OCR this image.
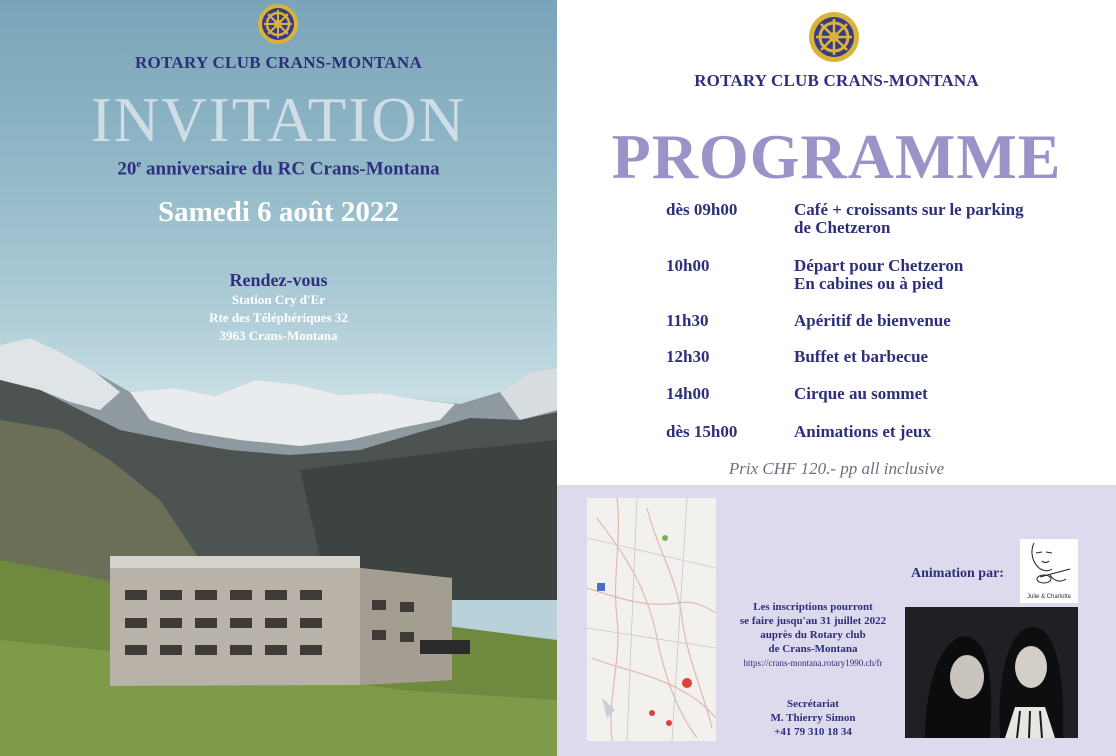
ROTARY CLUB CRANS-MONTANA
INVITATION
20e anniversaire du RC Crans-Montana
Samedi 6 août 2022
Rendez-vous
Station Cry d'Er
Rte des Téléphériques 32
3963 Crans-Montana
ROTARY CLUB CRANS-MONTANA
PROGRAMME
dès 09h00	Café + croissants sur le parking
de Chetzeron
10h00	Départ pour Chetzeron
En cabines ou à pied
11h30	Apéritif de bienvenue
12h30	Buffet et barbecue
14h00	Cirque au sommet
dès 15h00	Animations et jeux
Prix CHF 120.- pp all inclusive
Les inscriptions pourront
se faire jusqu'au 31 juillet 2022
auprès du Rotary club
de Crans-Montana
https://crans-montana.rotary1990.ch/fr
Secrétariat
M. Thierry Simon
+41 79 310 18 34
Animation par:
Julie & Charlotte
